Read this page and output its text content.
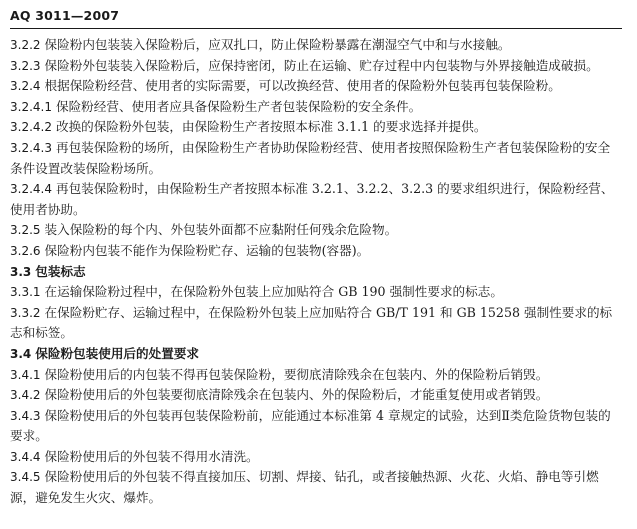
AQ 3011—2007
3.2.2 保险粉内包装装入保险粉后，应双扎口，防止保险粉暴露在潮湿空气中和与水接触。
3.2.3 保险粉外包装装入保险粉后，应保持密闭，防止在运输、贮存过程中内包装物与外界接触造成破损。
3.2.4 根据保险粉经营、使用者的实际需要，可以改换经营、使用者的保险粉外包装再包装保险粉。
3.2.4.1 保险粉经营、使用者应具备保险粉生产者包装保险粉的安全条件。
3.2.4.2 改换的保险粉外包装，由保险粉生产者按照本标准 3.1.1 的要求选择并提供。
3.2.4.3 再包装保险粉的场所，由保险粉生产者协助保险粉经营、使用者按照保险粉生产者包装保险粉的安全条件设置改装保险粉场所。
3.2.4.4 再包装保险粉时，由保险粉生产者按照本标准 3.2.1、3.2.2、3.2.3 的要求组织进行，保险粉经营、使用者协助。
3.2.5 装入保险粉的每个内、外包装外面都不应黏附任何残余危险物。
3.2.6 保险粉内包装不能作为保险粉贮存、运输的包装物(容器)。
3.3 包装标志
3.3.1 在运输保险粉过程中，在保险粉外包装上应加贴符合 GB 190 强制性要求的标志。
3.3.2 在保险粉贮存、运输过程中，在保险粉外包装上应加贴符合 GB/T 191 和 GB 15258 强制性要求的标志和标签。
3.4 保险粉包装使用后的处置要求
3.4.1 保险粉使用后的内包装不得再包装保险粉，要彻底清除残余在包装内、外的保险粉后销毁。
3.4.2 保险粉使用后的外包装要彻底清除残余在包装内、外的保险粉后，才能重复使用或者销毁。
3.4.3 保险粉使用后的外包装再包装保险粉前，应能通过本标准第 4 章规定的试验，达到Ⅱ类危险货物包装的要求。
3.4.4 保险粉使用后的外包装不得用水清洗。
3.4.5 保险粉使用后的外包装不得直接加压、切割、焊接、钻孔，或者接触热源、火花、火焰、静电等引燃源，避免发生火灾、爆炸。
